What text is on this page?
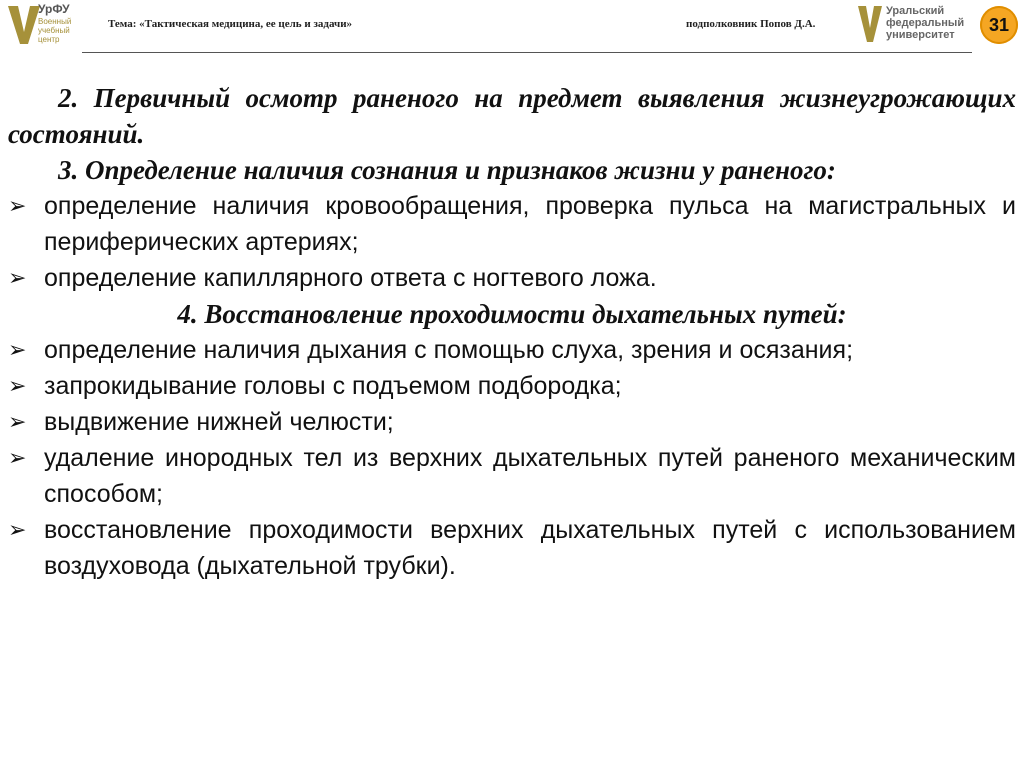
УрФУ
Военный
учебный
центр
Тема: «Тактическая медицина, ее цель и задачи»	подполковник Попов Д.А.
Уральский
федеральный
университет
31

2. Первичный осмотр раненого на предмет выявления жизнеугрожающих состояний.

3. Определение наличия сознания и признаков жизни у раненого:

➢ определение наличия кровообращения, проверка пульса на магистральных и периферических артериях;
➢ определение капиллярного ответа с ногтевого ложа.

4. Восстановление проходимости дыхательных путей:

➢ определение наличия дыхания с помощью слуха, зрения и осязания;
➢ запрокидывание головы с подъемом подбородка;
➢ выдвижение нижней челюсти;
➢ удаление инородных тел из верхних дыхательных путей раненого механическим способом;
➢ восстановление проходимости верхних дыхательных путей с использованием воздуховода (дыхательной трубки).
